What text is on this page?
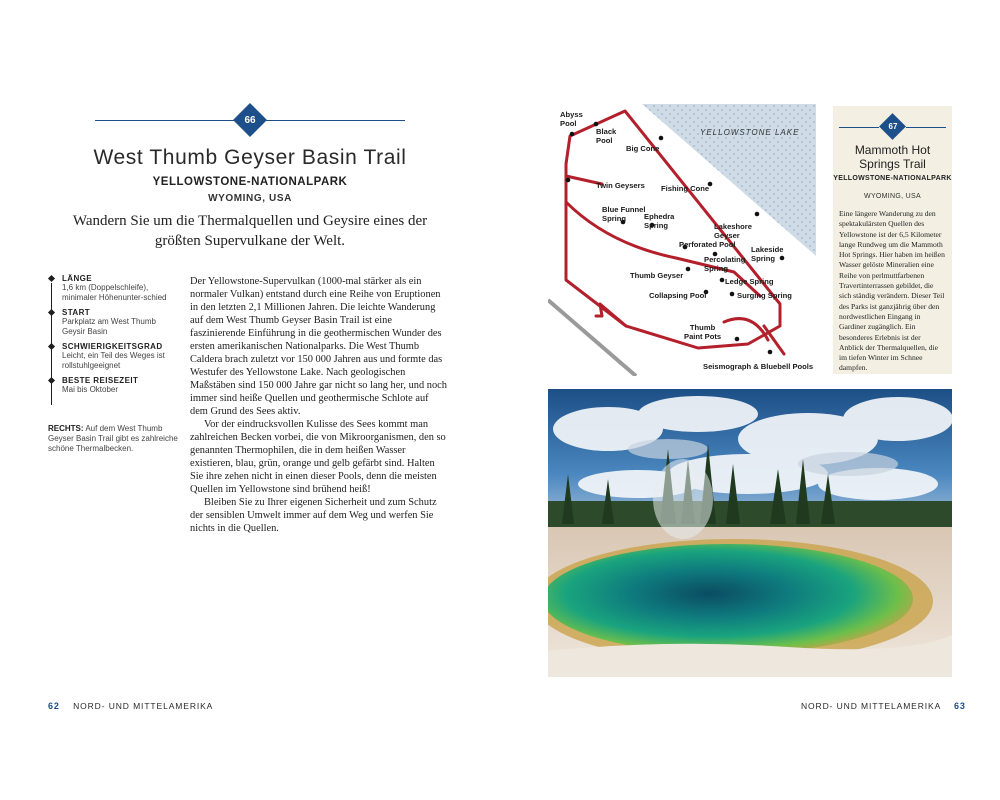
66
West Thumb Geyser Basin Trail
YELLOWSTONE-NATIONALPARK
WYOMING, USA
Wandern Sie um die Thermalquellen und Geysire eines der größten Supervulkane der Welt.
LÄNGE
1,6 km (Doppelschleife), minimaler Höhenunter-schied
START
Parkplatz am West Thumb Geysir Basin
SCHWIERIGKEITSGRAD
Leicht, ein Teil des Weges ist rollstuhlgeeignet
BESTE REISEZEIT
Mai bis Oktober
RECHTS: Auf dem West Thumb Geyser Basin Trail gibt es zahlreiche schöne Thermalbecken.

Der Yellowstone-Supervulkan (1000-mal stärker als ein normaler Vulkan) entstand durch eine Reihe von Eruptionen in den letzten 2,1 Millionen Jahren. Die leichte Wanderung auf dem West Thumb Geyser Basin Trail ist eine faszinierende Einführung in die geothermischen Wunder des ersten amerikanischen Nationalparks. Die West Thumb Caldera brach zuletzt vor 150 000 Jahren aus und formte das Westufer des Yellowstone Lake. Nach geologischen Maßstäben sind 150 000 Jahre gar nicht so lang her, und noch immer sind heiße Quellen und geothermische Schlote auf dem Grund des Sees aktiv.

Vor der eindrucksvollen Kulisse des Sees kommt man zahlreichen Becken vorbei, die von Mikroorganismen, den so genannten Thermophilen, die in dem heißen Wasser existieren, blau, grün, orange und gelb gefärbt sind. Halten Sie ihre zehen nicht in einen dieser Pools, denn die meisten Quellen im Yellowstone sind brühend heiß!

Bleiben Sie zu Ihrer eigenen Sicherheit und zum Schutz der sensiblen Umwelt immer auf dem Weg und werfen Sie nichts in die Quellen.

62 NORD- UND MITTELAMERIKA
YELLOWSTONE LAKE
Abyss
Pool
Black
Pool
Big Cone
Twin Geysers Fishing Cone
Blue Funnel
Spring	Ephedra
Spring	Lakeshore
Geyser
Perforated Pool
Lakeside
Spring
Percolating
Spring
Thumb Geyser
Ledge Spring
Collapsing Pool	Surging Spring
Thumb
Paint Pots
Seismograph & Bluebell Pools
67
Mammoth Hot Springs Trail
YELLOWSTONE-NATIONALPARK
WYOMING, USA
Eine längere Wanderung zu den spektakulärsten Quellen des Yellowstone ist der 6,5 Kilometer lange Rundweg um die Mammoth Hot Springs. Hier haben im heißen Wasser gelöste Mineralien eine Reihe von perlmuttfarbenen Travertinterrassen gebildet, die sich ständig verändern. Dieser Teil des Parks ist ganzjährig über den nordwestlichen Eingang in Gardiner zugänglich. Ein besonderes Erlebnis ist der Anblick der Thermalquellen, die im tiefen Winter im Schnee dampfen.
NORD- UND MITTELAMERIKA 63
